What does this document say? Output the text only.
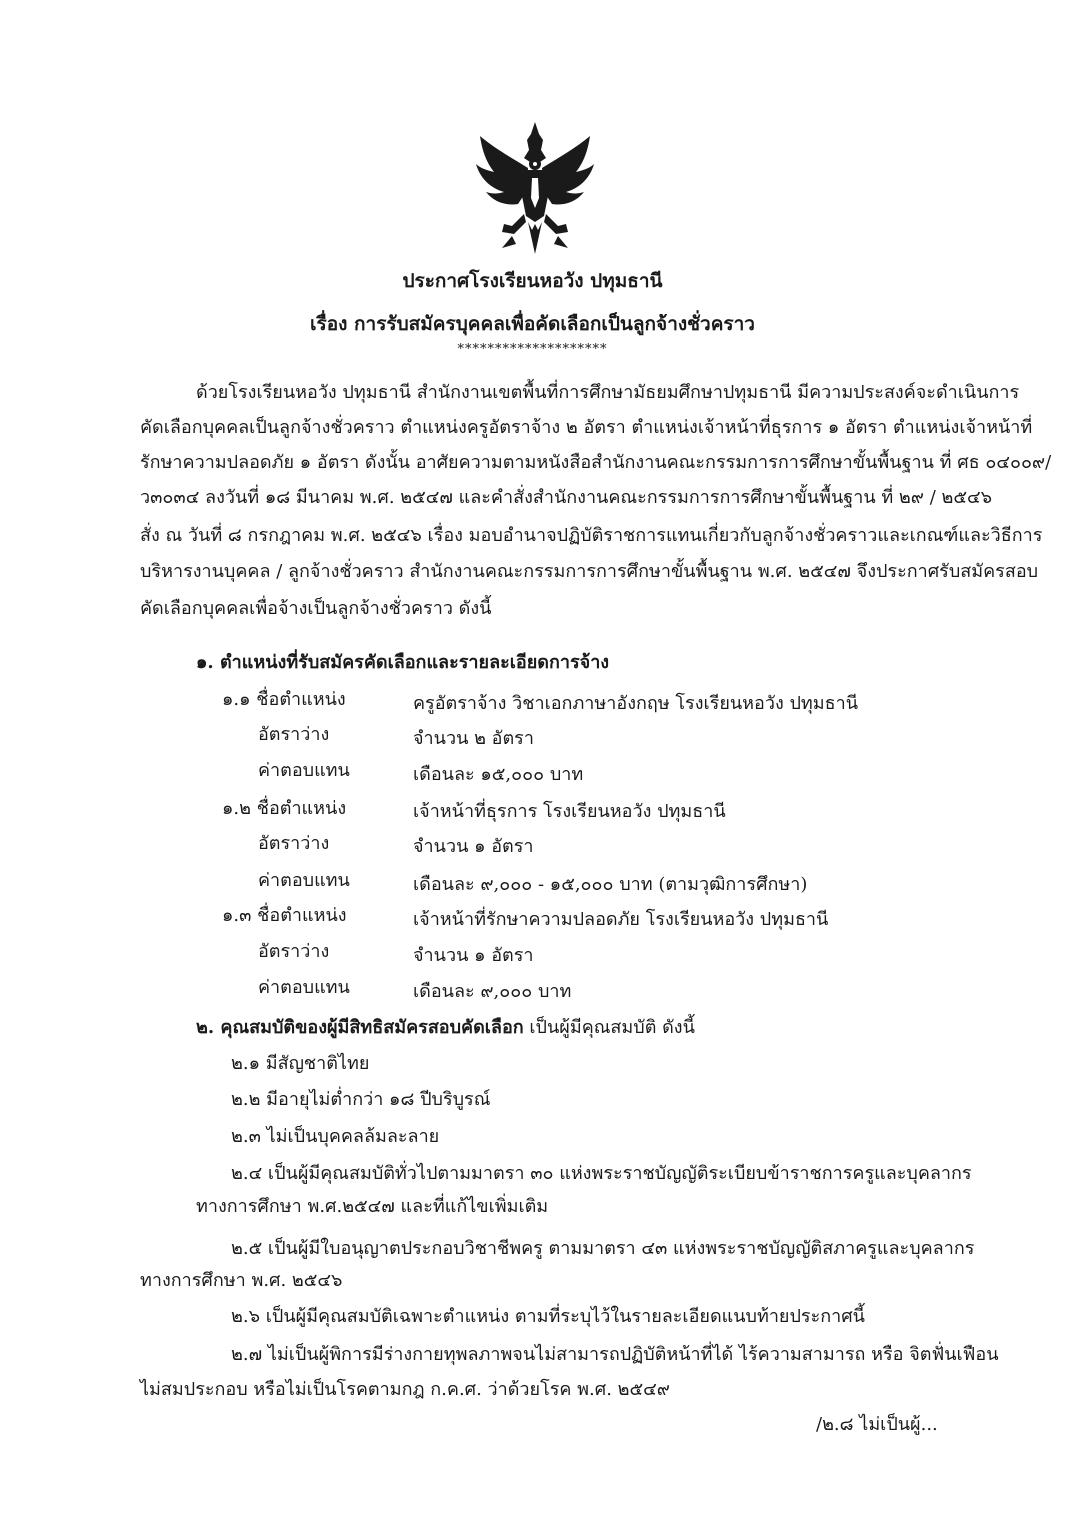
ประกาศโรงเรียนหอวัง ปทุมธานี
เรื่อง การรับสมัครบุคคลเพื่อคัดเลือกเป็นลูกจ้างชั่วคราว
********************
ด้วยโรงเรียนหอวัง ปทุมธานี สำนักงานเขตพื้นที่การศึกษามัธยมศึกษาปทุมธานี มีความประสงค์จะดำเนินการ
คัดเลือกบุคคลเป็นลูกจ้างชั่วคราว ตำแหน่งครูอัตราจ้าง ๒ อัตรา ตำแหน่งเจ้าหน้าที่ธุรการ ๑ อัตรา ตำแหน่งเจ้าหน้าที่
รักษาความปลอดภัย ๑ อัตรา ดังนั้น อาศัยความตามหนังสือสำนักงานคณะกรรมการการศึกษาขั้นพื้นฐาน ที่ ศธ ๐๔๐๐๙/
ว๓๐๓๔ ลงวันที่ ๑๘ มีนาคม พ.ศ. ๒๕๔๗ และคำสั่งสำนักงานคณะกรรมการการศึกษาขั้นพื้นฐาน ที่ ๒๙ / ๒๕๔๖
สั่ง ณ วันที่ ๘ กรกฎาคม พ.ศ. ๒๕๔๖ เรื่อง มอบอำนาจปฏิบัติราชการแทนเกี่ยวกับลูกจ้างชั่วคราวและเกณฑ์และวิธีการ
บริหารงานบุคคล / ลูกจ้างชั่วคราว สำนักงานคณะกรรมการการศึกษาขั้นพื้นฐาน พ.ศ. ๒๕๔๗ จึงประกาศรับสมัครสอบ
คัดเลือกบุคคลเพื่อจ้างเป็นลูกจ้างชั่วคราว ดังนี้
๑. ตำแหน่งที่รับสมัครคัดเลือกและรายละเอียดการจ้าง
๑.๑ ชื่อตำแหน่ง	ครูอัตราจ้าง วิชาเอกภาษาอังกฤษ โรงเรียนหอวัง ปทุมธานี
อัตราว่าง	จำนวน ๒ อัตรา
ค่าตอบแทน	เดือนละ ๑๕,๐๐๐ บาท
๑.๒ ชื่อตำแหน่ง	เจ้าหน้าที่ธุรการ โรงเรียนหอวัง ปทุมธานี
อัตราว่าง	จำนวน ๑ อัตรา
ค่าตอบแทน	เดือนละ ๙,๐๐๐ - ๑๕,๐๐๐ บาท (ตามวุฒิการศึกษา)
๑.๓ ชื่อตำแหน่ง	เจ้าหน้าที่รักษาความปลอดภัย โรงเรียนหอวัง ปทุมธานี
อัตราว่าง	จำนวน ๑ อัตรา
ค่าตอบแทน	เดือนละ ๙,๐๐๐ บาท
๒. คุณสมบัติของผู้มีสิทธิสมัครสอบคัดเลือก เป็นผู้มีคุณสมบัติ ดังนี้
๒.๑ มีสัญชาติไทย
๒.๒ มีอายุไม่ต่ำกว่า ๑๘ ปีบริบูรณ์
๒.๓ ไม่เป็นบุคคลล้มละลาย
๒.๔ เป็นผู้มีคุณสมบัติทั่วไปตามมาตรา ๓๐ แห่งพระราชบัญญัติระเบียบข้าราชการครูและบุคลากร
ทางการศึกษา พ.ศ.๒๕๔๗ และที่แก้ไขเพิ่มเติม
๒.๕ เป็นผู้มีใบอนุญาตประกอบวิชาชีพครู ตามมาตรา ๔๓ แห่งพระราชบัญญัติสภาครูและบุคลากร
ทางการศึกษา พ.ศ. ๒๕๔๖
๒.๖ เป็นผู้มีคุณสมบัติเฉพาะตำแหน่ง ตามที่ระบุไว้ในรายละเอียดแนบท้ายประกาศนี้
๒.๗ ไม่เป็นผู้พิการมีร่างกายทุพลภาพจนไม่สามารถปฏิบัติหน้าที่ได้ ไร้ความสามารถ หรือ จิตฟั่นเฟือน
ไม่สมประกอบ หรือไม่เป็นโรคตามกฎ ก.ค.ศ. ว่าด้วยโรค พ.ศ. ๒๕๔๙
/๒.๘ ไม่เป็นผู้...
